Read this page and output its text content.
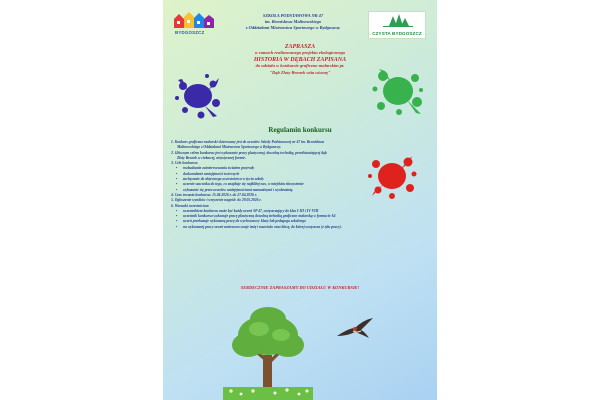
BYDGOSZCZ
SZKOŁA PODSTAWOWA NR 47
im. Bronisława Malinowskiego
z Oddziałami Mistrzostwa Sportowego w Bydgoszczy
CZYSTA BYDGOSZCZ
ZAPRASZA
w ramach realizowanego projektu ekologicznego
HISTORIA W DĘBACH ZAPISANA
do udziału w konkursie graficzno-malarskim pt.
"Dąb Złoty Bronek wita wiosnę"
Regulamin konkursu
1. Konkurs graficzno-malarski skierowany jest do uczniów Szkoły Podstawowej nr 47 im. Bronisława
Malinowskiego z Oddziałami Mistrzostwa Sportowego w Bydgoszczy.
2. Głównym celem konkursu jest wykonanie pracy plastycznej, dowolną techniką, przedstawiającej dąb
Złoty Bronek w ciekawej, artystycznej formie.
3. Cele konkursu:
• rozbudzanie zainteresowania światem przyrody
• doskonalenie umiejętności twórczych
• zachęcanie do aktywnego uczestnictwa w życiu szkoły
• uczenie szacunku do tego, co znajduje się najbliżej nas, w miejskim ekosystemie
• wykazanie się przez uczniów umiejętnościami manualnymi i wyobraźnią.
4. Czas trwania konkursu: 15.04.2026 r. do 27.04.2026 r.
5. Ogłoszenie wyników i wręczenie nagród: do 29.05.2026 r.
6. Warunki uczestnictwa:
• uczestnikiem konkursu może być każdy uczeń SP 47, uczęszczający do klas I-III i IV-VIII
• uczestnik konkursu wykonuje pracę plastyczną dowolną techniką graficzno-malarską w formacie A4
• uczeń przekazuje wykonaną pracę do wychowawcy klasy lub pedagoga szkolnego
• na wykonanej pracy uczeń umieszcza swoje imię i nazwisko oraz klasę, do której uczęszcza (z tyłu pracy).
SERDECZNIE ZAPRASZAMY DO UDZIAŁU W KONKURSIE!
